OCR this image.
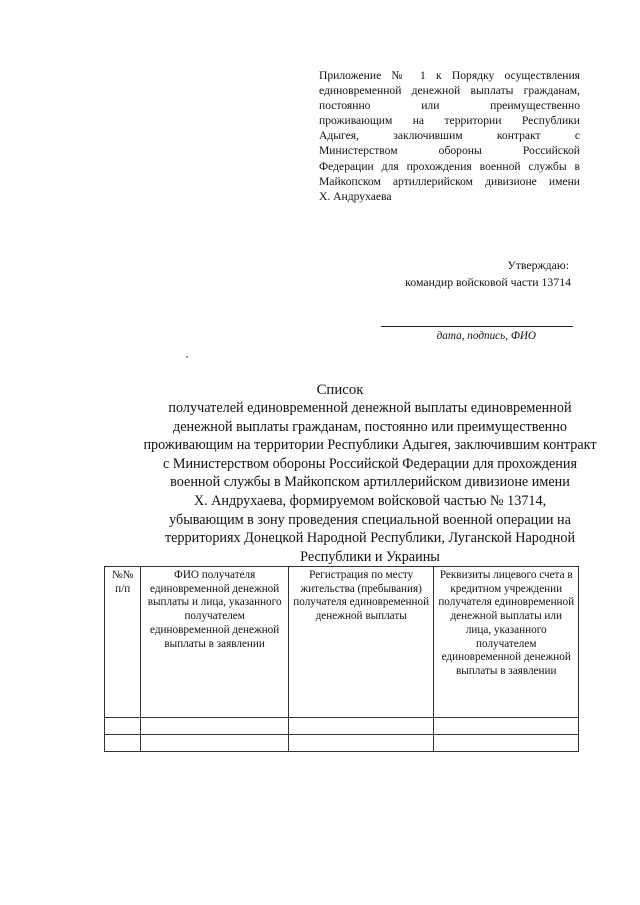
Приложение № 1 к Порядку осуществления
единовременной денежной выплаты гражданам,
постоянно или преимущественно
проживающим на территории Республики
Адыгея, заключившим контракт с
Министерством обороны Российской
Федерации для прохождения военной службы в
Майкопском артиллерийском дивизионе имени
Х. Андрухаева
Утверждаю:
командир войсковой части 13714
дата, подпись, ФИО
Список
получателей единовременной денежной выплаты единовременной
денежной выплаты гражданам, постоянно или преимущественно
проживающим на территории Республики Адыгея, заключившим контракт
с Министерством обороны Российской Федерации для прохождения
военной службы в Майкопском артиллерийском дивизионе имени
Х. Андрухаева, формируемом войсковой частью № 13714,
убывающим в зону проведения специальной военной операции на
территориях Донецкой Народной Республики, Луганской Народной
Республики и Украины
№№ п/п	ФИО получателя единовременной денежной выплаты и лица, указанного получателем единовременной денежной выплаты в заявлении	Регистрация по месту жительства (пребывания) получателя единовременной денежной выплаты	Реквизиты лицевого счета в кредитном учреждении получателя единовременной денежной выплаты или лица, указанного получателем единовременной денежной выплаты в заявлении
